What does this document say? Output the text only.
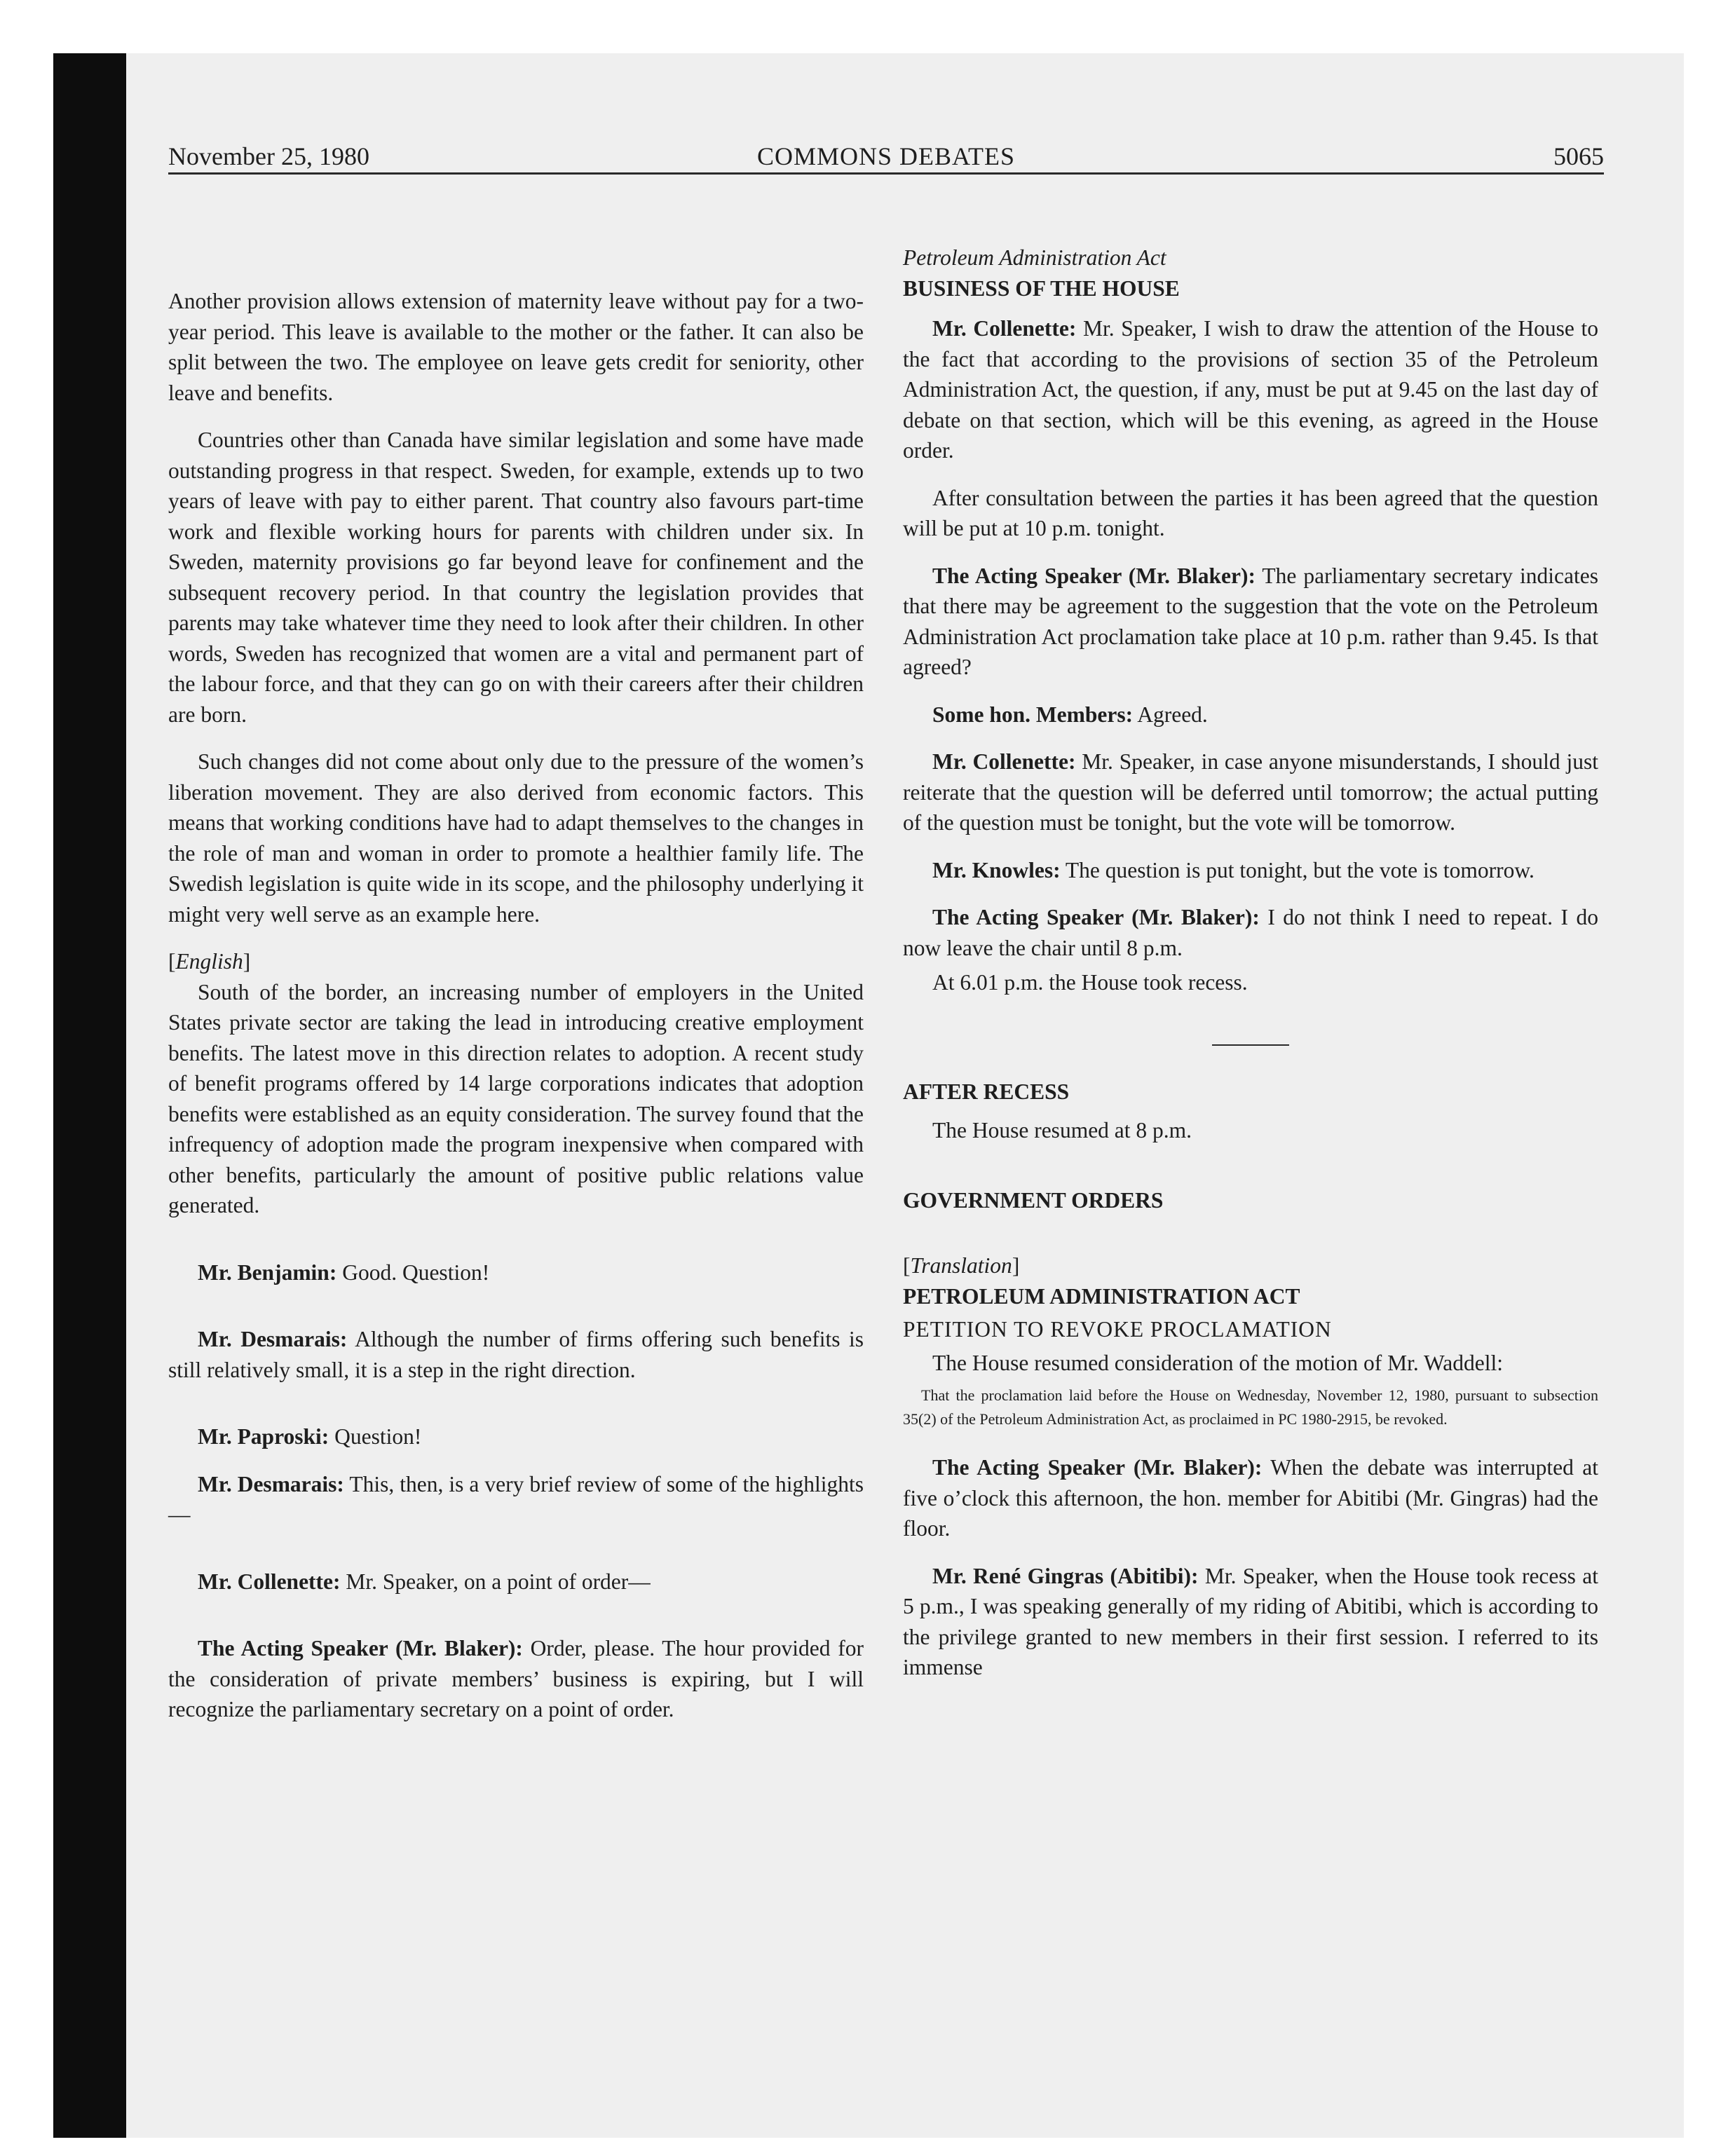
November 25, 1980	COMMONS DEBATES	5065

Another provision allows extension of maternity leave without pay for a two-year period. This leave is available to the mother or the father. It can also be split between the two. The employee on leave gets credit for seniority, other leave and benefits.

Countries other than Canada have similar legislation and some have made outstanding progress in that respect. Sweden, for example, extends up to two years of leave with pay to either parent. That country also favours part-time work and flexible working hours for parents with children under six. In Sweden, maternity provisions go far beyond leave for confinement and the subsequent recovery period. In that country the legislation provides that parents may take whatever time they need to look after their children. In other words, Sweden has recognized that women are a vital and permanent part of the labour force, and that they can go on with their careers after their children are born.

Such changes did not come about only due to the pressure of the women’s liberation movement. They are also derived from economic factors. This means that working conditions have had to adapt themselves to the changes in the role of man and woman in order to promote a healthier family life. The Swedish legislation is quite wide in its scope, and the philosophy underlying it might very well serve as an example here.

[English]

South of the border, an increasing number of employers in the United States private sector are taking the lead in introducing creative employment benefits. The latest move in this direction relates to adoption. A recent study of benefit programs offered by 14 large corporations indicates that adoption benefits were established as an equity consideration. The survey found that the infrequency of adoption made the program inexpensive when compared with other benefits, particularly the amount of positive public relations value generated.

Mr. Benjamin: Good. Question!

Mr. Desmarais: Although the number of firms offering such benefits is still relatively small, it is a step in the right direction.

Mr. Paproski: Question!

Mr. Desmarais: This, then, is a very brief review of some of the highlights—

Mr. Collenette: Mr. Speaker, on a point of order—

The Acting Speaker (Mr. Blaker): Order, please. The hour provided for the consideration of private members’ business is expiring, but I will recognize the parliamentary secretary on a point of order.

Petroleum Administration Act

BUSINESS OF THE HOUSE

Mr. Collenette: Mr. Speaker, I wish to draw the attention of the House to the fact that according to the provisions of section 35 of the Petroleum Administration Act, the question, if any, must be put at 9.45 on the last day of debate on that section, which will be this evening, as agreed in the House order.

After consultation between the parties it has been agreed that the question will be put at 10 p.m. tonight.

The Acting Speaker (Mr. Blaker): The parliamentary secretary indicates that there may be agreement to the suggestion that the vote on the Petroleum Administration Act proclamation take place at 10 p.m. rather than 9.45. Is that agreed?

Some hon. Members: Agreed.

Mr. Collenette: Mr. Speaker, in case anyone misunderstands, I should just reiterate that the question will be deferred until tomorrow; the actual putting of the question must be tonight, but the vote will be tomorrow.

Mr. Knowles: The question is put tonight, but the vote is tomorrow.

The Acting Speaker (Mr. Blaker): I do not think I need to repeat. I do now leave the chair until 8 p.m.

At 6.01 p.m. the House took recess.

AFTER RECESS

The House resumed at 8 p.m.

GOVERNMENT ORDERS

[Translation]

PETROLEUM ADMINISTRATION ACT

PETITION TO REVOKE PROCLAMATION

The House resumed consideration of the motion of Mr. Waddell:

That the proclamation laid before the House on Wednesday, November 12, 1980, pursuant to subsection 35(2) of the Petroleum Administration Act, as proclaimed in PC 1980-2915, be revoked.

The Acting Speaker (Mr. Blaker): When the debate was interrupted at five o’clock this afternoon, the hon. member for Abitibi (Mr. Gingras) had the floor.

Mr. René Gingras (Abitibi): Mr. Speaker, when the House took recess at 5 p.m., I was speaking generally of my riding of Abitibi, which is according to the privilege granted to new members in their first session. I referred to its immense
